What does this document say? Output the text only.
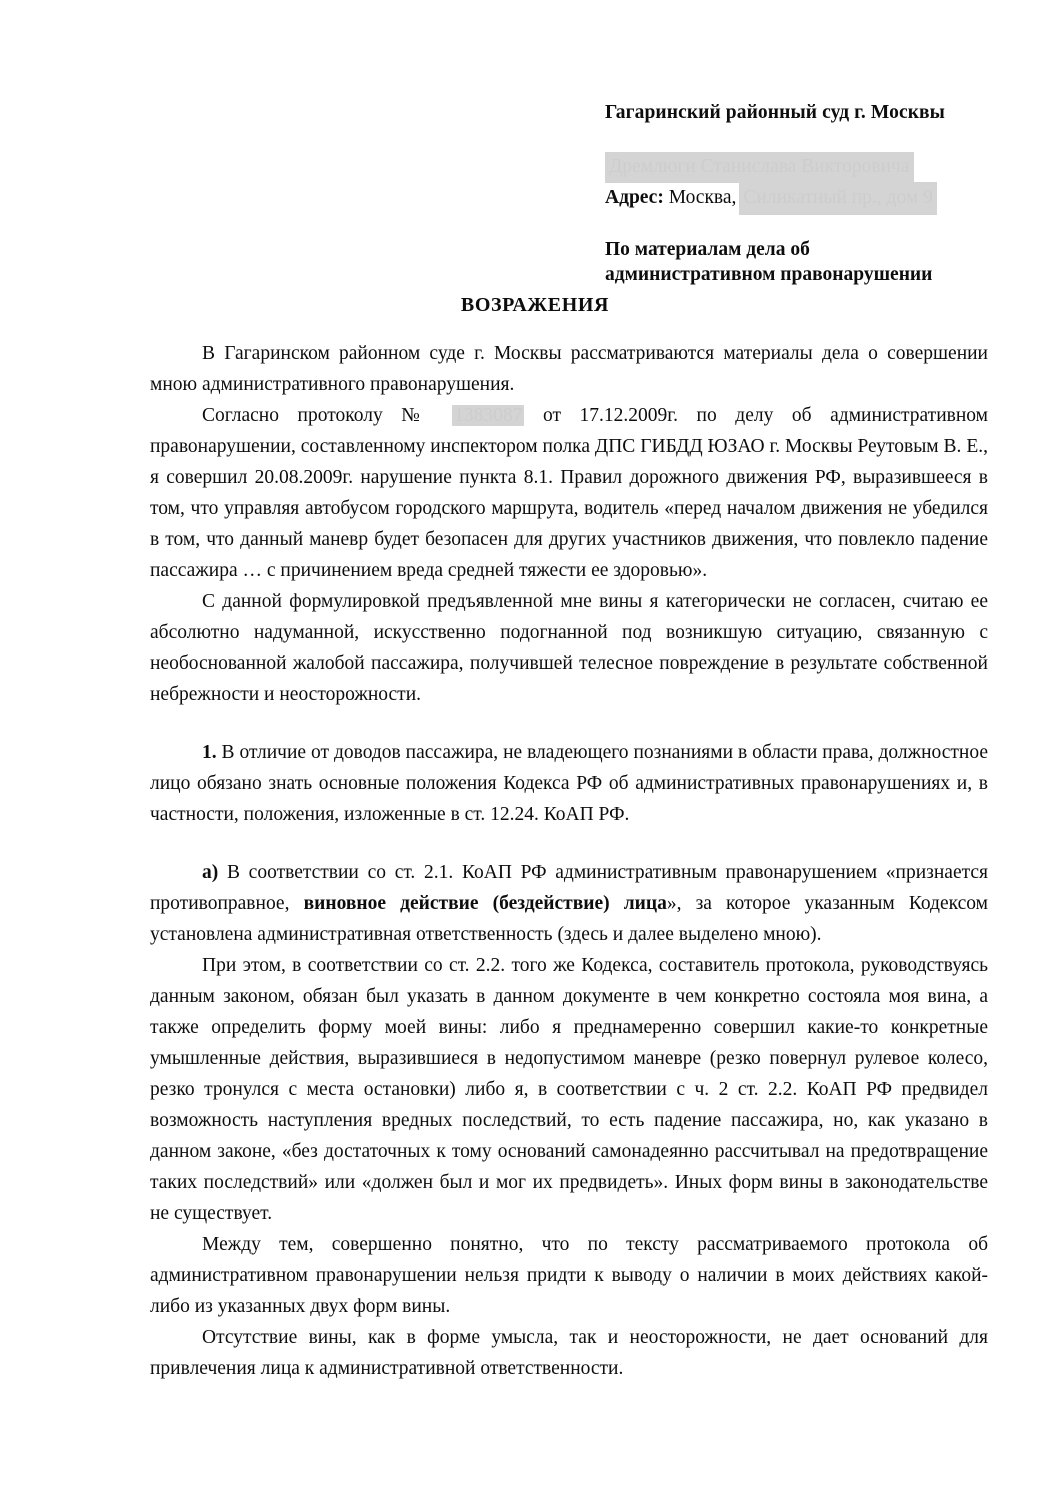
Гагаринский районный суд г. Москвы
Дремлюги Станислава Викторовича
Адрес: Москва, Силикатный пр., дом 9
По материалам дела об
административном правонарушении
ВОЗРАЖЕНИЯ

В Гагаринском районном суде г. Москвы рассматриваются материалы дела о совершении мною административного правонарушения.

Согласно протоколу № 1383087 от 17.12.2009г. по делу об административном правонарушении, составленному инспектором полка ДПС ГИБДД ЮЗАО г. Москвы Реутовым В. Е., я совершил 20.08.2009г. нарушение пункта 8.1. Правил дорожного движения РФ, выразившееся в том, что управляя автобусом городского маршрута, водитель «перед началом движения не убедился в том, что данный маневр будет безопасен для других участников движения, что повлекло падение пассажира … с причинением вреда средней тяжести ее здоровью».

С данной формулировкой предъявленной мне вины я категорически не согласен, считаю ее абсолютно надуманной, искусственно подогнанной под возникшую ситуацию, связанную с необоснованной жалобой пассажира, получившей телесное повреждение в результате собственной небрежности и неосторожности.

1. В отличие от доводов пассажира, не владеющего познаниями в области права, должностное лицо обязано знать основные положения Кодекса РФ об административных правонарушениях и, в частности, положения, изложенные в ст. 12.24. КоАП РФ.

а) В соответствии со ст. 2.1. КоАП РФ административным правонарушением «признается противоправное, виновное действие (бездействие) лица», за которое указанным Кодексом установлена административная ответственность (здесь и далее выделено мною).

При этом, в соответствии со ст. 2.2. того же Кодекса, составитель протокола, руководствуясь данным законом, обязан был указать в данном документе в чем конкретно состояла моя вина, а также определить форму моей вины: либо я преднамеренно совершил какие-то конкретные умышленные действия, выразившиеся в недопустимом маневре (резко повернул рулевое колесо, резко тронулся с места остановки) либо я, в соответствии с ч. 2 ст. 2.2. КоАП РФ предвидел возможность наступления вредных последствий, то есть падение пассажира, но, как указано в данном законе, «без достаточных к тому оснований самонадеянно рассчитывал на предотвращение таких последствий» или «должен был и мог их предвидеть». Иных форм вины в законодательстве не существует.

Между тем, совершенно понятно, что по тексту рассматриваемого протокола об административном правонарушении нельзя придти к выводу о наличии в моих действиях какой-либо из указанных двух форм вины.

Отсутствие вины, как в форме умысла, так и неосторожности, не дает оснований для привлечения лица к административной ответственности.
